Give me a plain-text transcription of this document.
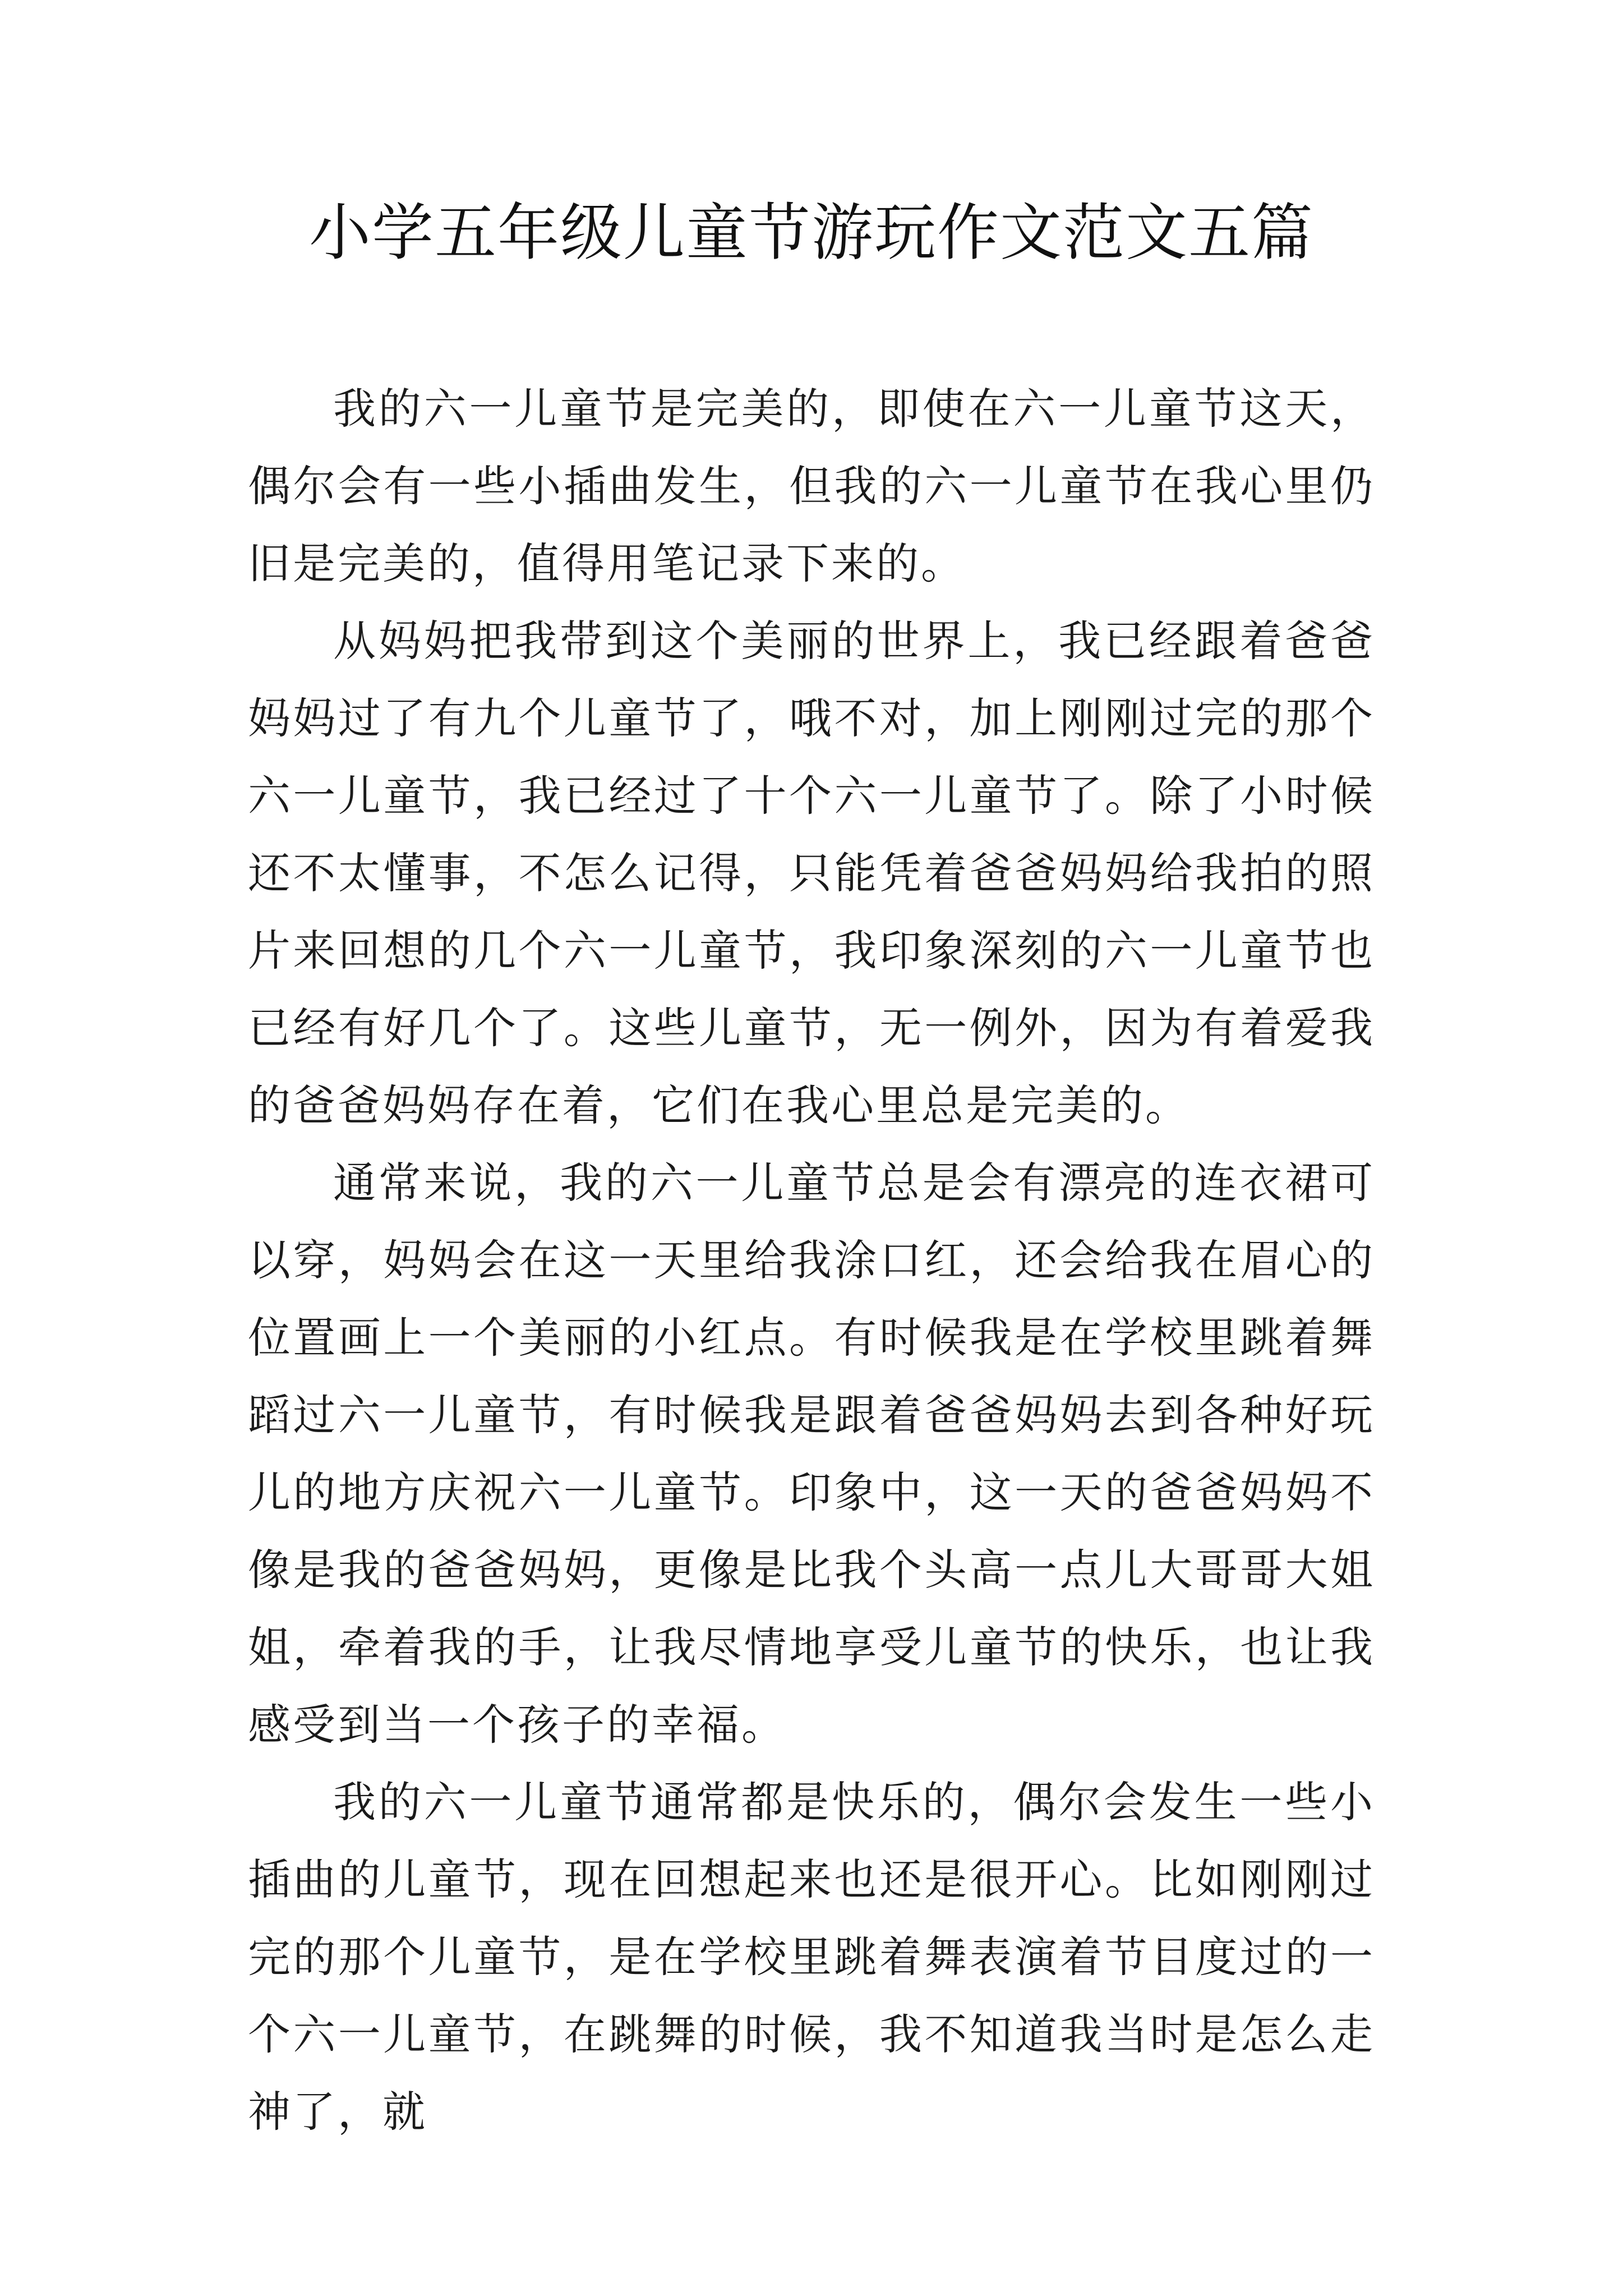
小学五年级儿童节游玩作文范文五篇

我的六一儿童节是完美的，即使在六一儿童节这天，偶尔会有一些小插曲发生，但我的六一儿童节在我心里仍旧是完美的，值得用笔记录下来的。

从妈妈把我带到这个美丽的世界上，我已经跟着爸爸妈妈过了有九个儿童节了，哦不对，加上刚刚过完的那个六一儿童节，我已经过了十个六一儿童节了。除了小时候还不太懂事，不怎么记得，只能凭着爸爸妈妈给我拍的照片来回想的几个六一儿童节，我印象深刻的六一儿童节也已经有好几个了。这些儿童节，无一例外，因为有着爱我的爸爸妈妈存在着，它们在我心里总是完美的。

通常来说，我的六一儿童节总是会有漂亮的连衣裙可以穿，妈妈会在这一天里给我涂口红，还会给我在眉心的位置画上一个美丽的小红点。有时候我是在学校里跳着舞蹈过六一儿童节，有时候我是跟着爸爸妈妈去到各种好玩儿的地方庆祝六一儿童节。印象中，这一天的爸爸妈妈不像是我的爸爸妈妈，更像是比我个头高一点儿大哥哥大姐姐，牵着我的手，让我尽情地享受儿童节的快乐，也让我感受到当一个孩子的幸福。

我的六一儿童节通常都是快乐的，偶尔会发生一些小插曲的儿童节，现在回想起来也还是很开心。比如刚刚过完的那个儿童节，是在学校里跳着舞表演着节目度过的一个六一儿童节，在跳舞的时候，我不知道我当时是怎么走神了，就
